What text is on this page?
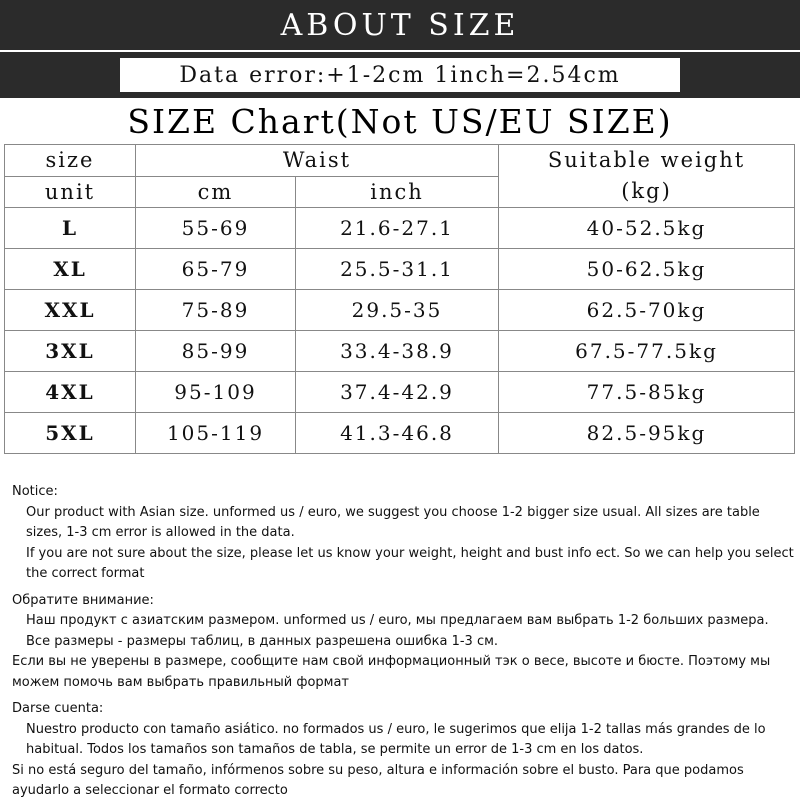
ABOUT SIZE
Data error:+1-2cm 1inch=2.54cm
SIZE Chart(Not US/EU SIZE)
size	Waist		Suitable weight
(kg)

unit	cm	inch	
L	55-69	21.6-27.1	40-52.5kg
XL	65-79	25.5-31.1	50-62.5kg
XXL	75-89	29.5-35	62.5-70kg
3XL	85-99	33.4-38.9	67.5-77.5kg
4XL	95-109	37.4-42.9	77.5-85kg
5XL	105-119	41.3-46.8	82.5-95kg

Notice:

Our product with Asian size. unformed us / euro, we suggest you choose 1-2 bigger size usual. All sizes are table sizes, 1-3 cm error is allowed in the data.

If you are not sure about the size, please let us know your weight, height and bust info ect. So we can help you select the correct format

Обратите внимание:

Наш продукт с азиатским размером. unformed us / euro, мы предлагаем вам выбрать 1-2 больших размера. Все размеры - размеры таблиц, в данных разрешена ошибка 1-3 см.

Если вы не уверены в размере, сообщите нам свой информационный тэк о весе, высоте и бюсте. Поэтому мы можем помочь вам выбрать правильный формат

Darse cuenta:

Nuestro producto con tamaño asiático. no formados us / euro, le sugerimos que elija 1-2 tallas más grandes de lo habitual. Todos los tamaños son tamaños de tabla, se permite un error de 1-3 cm en los datos.

Si no está seguro del tamaño, infórmenos sobre su peso, altura e información sobre el busto. Para que podamos ayudarlo a seleccionar el formato correcto
